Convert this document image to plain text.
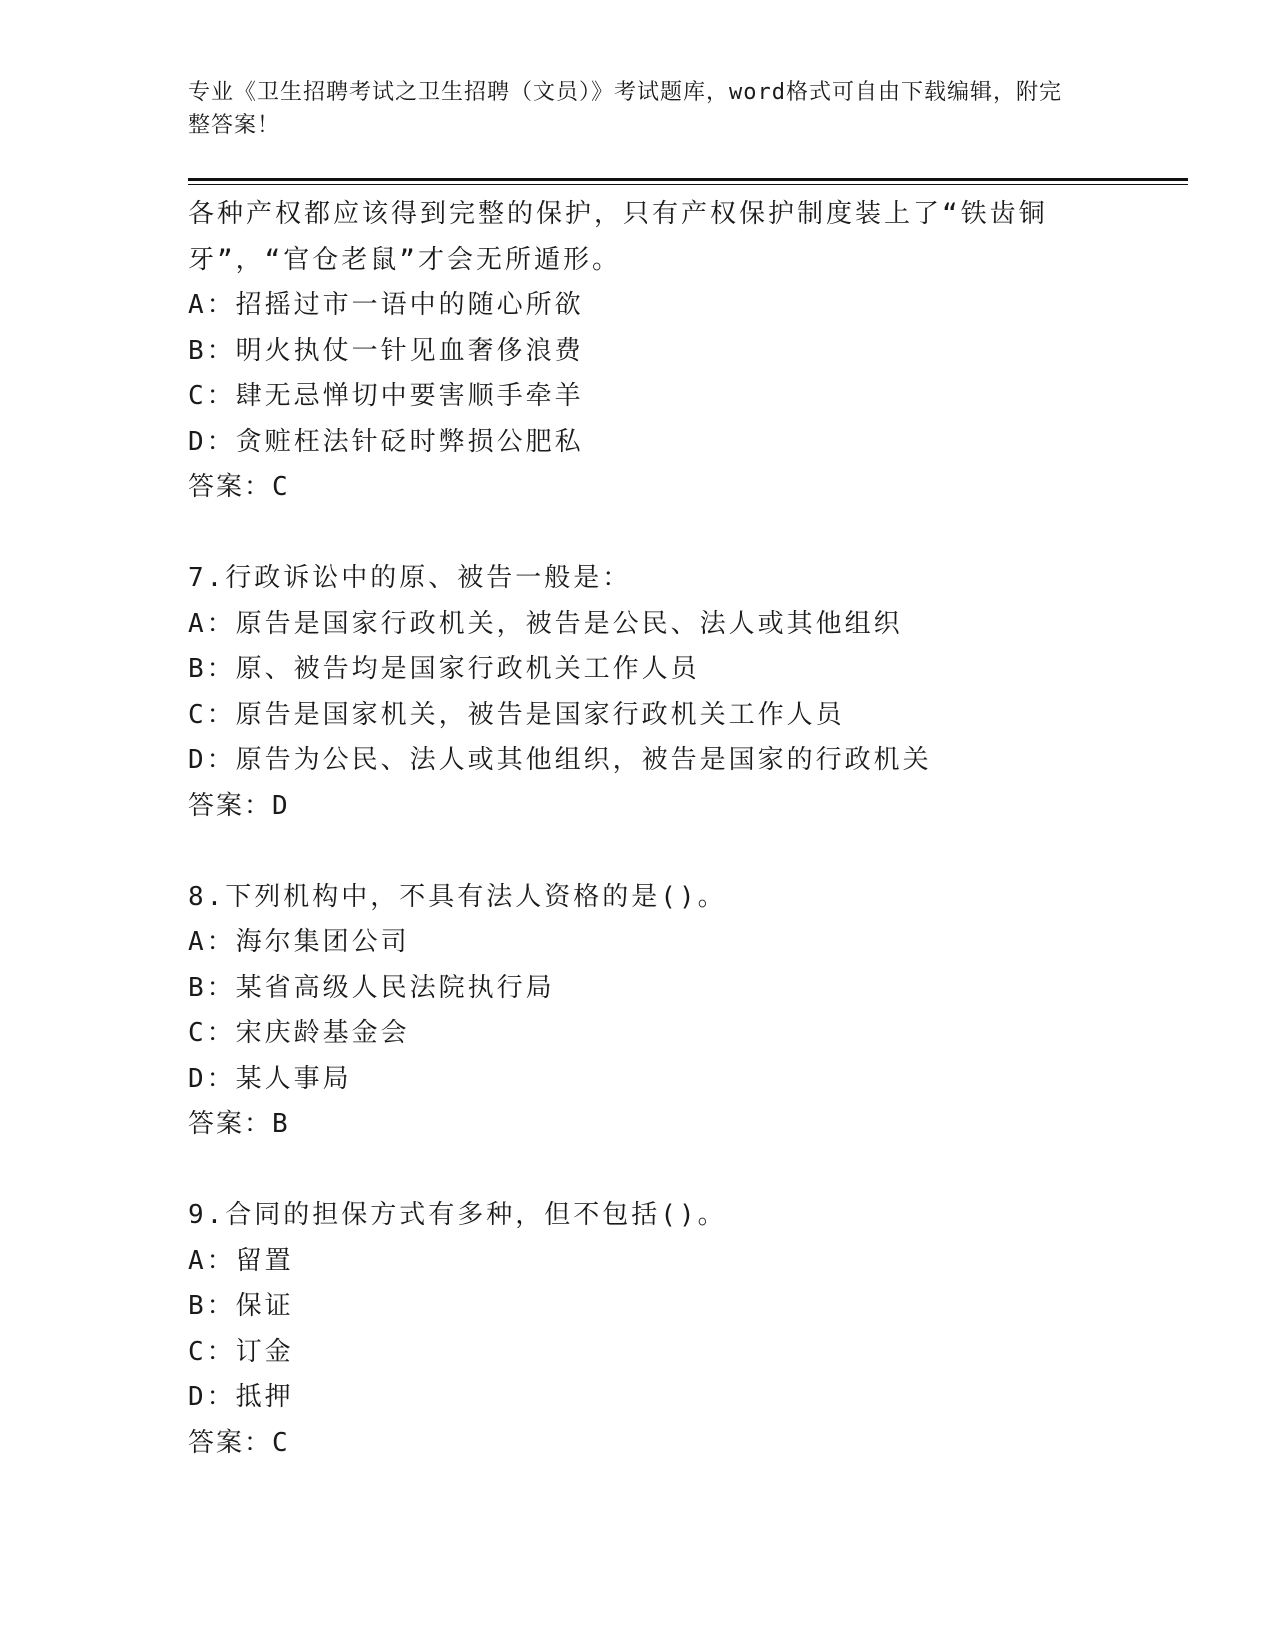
专业《卫生招聘考试之卫生招聘（文员）》考试题库，word格式可自由下载编辑，附完整答案！
各种产权都应该得到完整的保护，只有产权保护制度装上了“铁齿铜
牙”，“官仓老鼠”才会无所遁形。
A：招摇过市一语中的随心所欲
B：明火执仗一针见血奢侈浪费
C：肆无忌惮切中要害顺手牵羊
D：贪赃枉法针砭时弊损公肥私
答案：C
7.行政诉讼中的原、被告一般是：
A：原告是国家行政机关，被告是公民、法人或其他组织
B：原、被告均是国家行政机关工作人员
C：原告是国家机关，被告是国家行政机关工作人员
D：原告为公民、法人或其他组织，被告是国家的行政机关
答案：D
8.下列机构中，不具有法人资格的是()。
A：海尔集团公司
B：某省高级人民法院执行局
C：宋庆龄基金会
D：某人事局
答案：B
9.合同的担保方式有多种，但不包括()。
A：留置
B：保证
C：订金
D：抵押
答案：C
